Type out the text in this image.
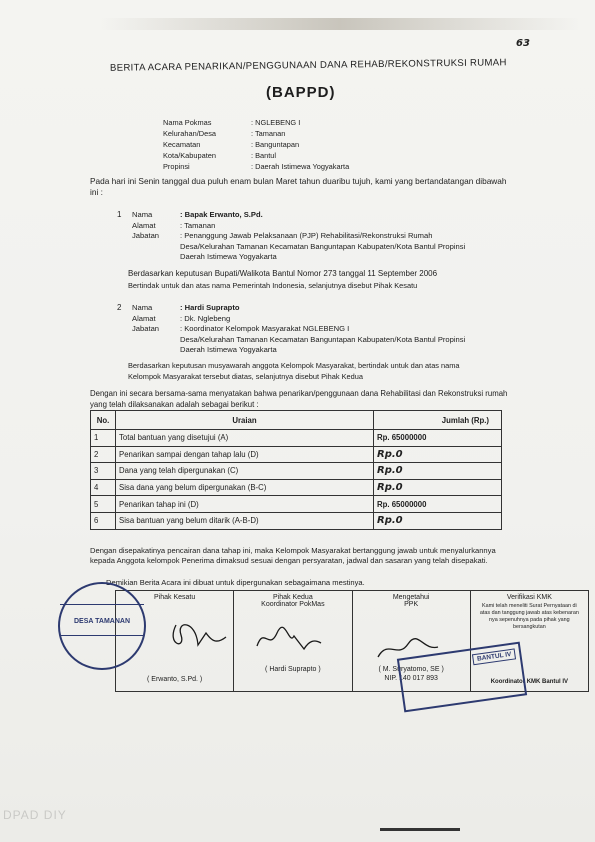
63
BERITA ACARA PENARIKAN/PENGGUNAAN DANA REHAB/REKONSTRUKSI RUMAH
(BAPPD)
Nama Pokmas	: NGLEBENG I
Kelurahan/Desa	: Tamanan
Kecamatan	: Banguntapan
Kota/Kabupaten	: Bantul
Propinsi	: Daerah Istimewa Yogyakarta
Pada hari ini Senin tanggal dua puluh enam bulan Maret tahun duaribu tujuh, kami yang bertandatangan dibawah ini :
1	Nama	: Bapak Erwanto, S.Pd.
Alamat	: Tamanan
Jabatan	: Penanggung Jawab Pelaksanaan (PJP) Rehabilitasi/Rekonstruksi Rumah
Desa/Kelurahan Tamanan Kecamatan Banguntapan Kabupaten/Kota Bantul Propinsi
Daerah Istimewa Yogyakarta
Berdasarkan keputusan Bupati/Walikota Bantul Nomor 273 tanggal 11 September 2006
Bertindak untuk dan atas nama Pemerintah Indonesia, selanjutnya disebut Pihak Kesatu
2	Nama	: Hardi Suprapto
Alamat	: Dk. Nglebeng
Jabatan	: Koordinator Kelompok Masyarakat NGLEBENG I
Desa/Kelurahan Tamanan Kecamatan Banguntapan Kabupaten/Kota Bantul Propinsi
Daerah Istimewa Yogyakarta
Berdasarkan keputusan musyawarah anggota Kelompok Masyarakat, bertindak untuk dan atas nama
Kelompok Masyarakat tersebut diatas, selanjutnya disebut Pihak Kedua
Dengan ini secara bersama-sama menyatakan bahwa penarikan/penggunaan dana Rehabilitasi dan Rekonstruksi rumah yang telah dilaksanakan adalah sebagai berikut :
No.	Uraian	Jumlah (Rp.)
1	Total bantuan yang disetujui (A)	Rp. 65000000
2	Penarikan sampai dengan tahap lalu (D)	Rp.0
3	Dana yang telah dipergunakan (C)	Rp.0
4	Sisa dana yang belum dipergunakan (B-C)	Rp.0
5	Penarikan tahap ini (D)	Rp. 65000000
6	Sisa bantuan yang belum ditarik (A-B-D)	Rp.0
Dengan disepakatinya pencairan dana tahap ini, maka Kelompok Masyarakat bertanggung jawab untuk menyalurkannya kepada Anggota kelompok Penerima dimaksud sesuai dengan persyaratan, jadwal dan sasaran yang telah disepakati.
Demikian Berita Acara ini dibuat untuk dipergunakan sebagaimana mestinya.
Pihak Kesatu
( Erwanto, S.Pd. )
Pihak Kedua
Koordinator PokMas
( Hardi Suprapto )
Mengetahui
PPK
( M. Suryatomo, SE )
NIP. 140 017 893
Verifikasi KMK
Kami telah meneliti Surat Pernyataan di atas dan tanggung jawab atas kebenaran nya sepenuhnya pada pihak yang bersangkutan
Koordinator KMK Bantul IV
DESA TAMANAN
BANTUL IV
DPAD DIY
